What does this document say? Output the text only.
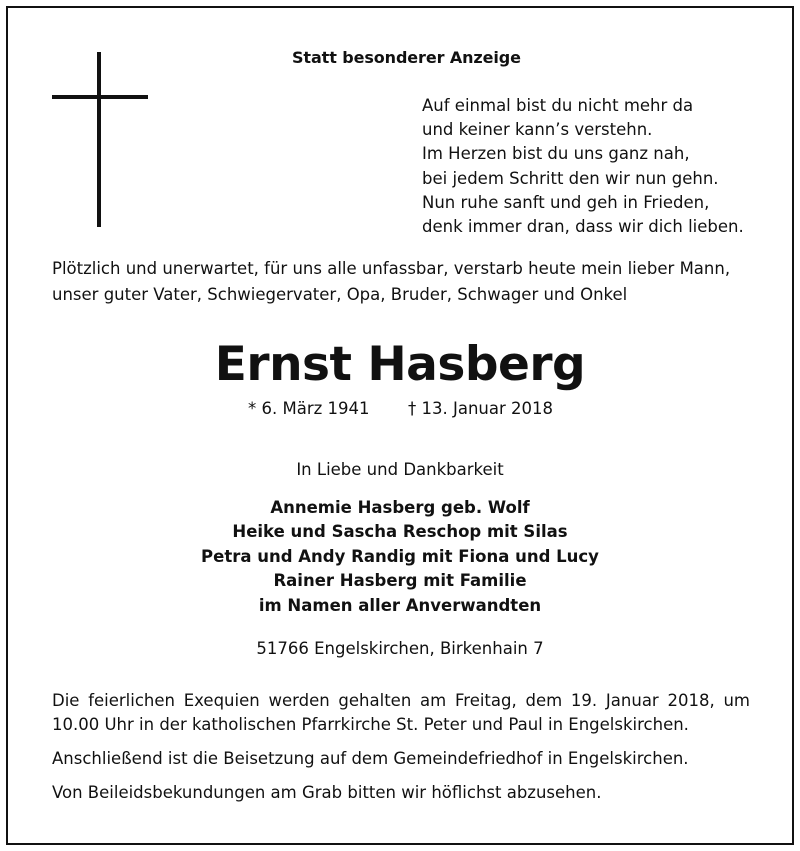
Statt besonderer Anzeige
Auf einmal bist du nicht mehr da
und keiner kann’s verstehn.
Im Herzen bist du uns ganz nah,
bei jedem Schritt den wir nun gehn.
Nun ruhe sanft und geh in Frieden,
denk immer dran, dass wir dich lieben.
Plötzlich und unerwartet, für uns alle unfassbar, verstarb heute mein lieber Mann,
unser guter Vater, Schwiegervater, Opa, Bruder, Schwager und Onkel
Ernst Hasberg
* 6. März 1941 † 13. Januar 2018
In Liebe und Dankbarkeit
Annemie Hasberg geb. Wolf
Heike und Sascha Reschop mit Silas
Petra und Andy Randig mit Fiona und Lucy
Rainer Hasberg mit Familie
im Namen aller Anverwandten
51766 Engelskirchen, Birkenhain 7
Die feierlichen Exequien werden gehalten am Freitag, dem 19. Januar 2018, um 10.00 Uhr in der katholischen Pfarrkirche St. Peter und Paul in Engelskirchen.
Anschließend ist die Beisetzung auf dem Gemeindefriedhof in Engelskirchen.
Von Beileidsbekundungen am Grab bitten wir höflichst abzusehen.
